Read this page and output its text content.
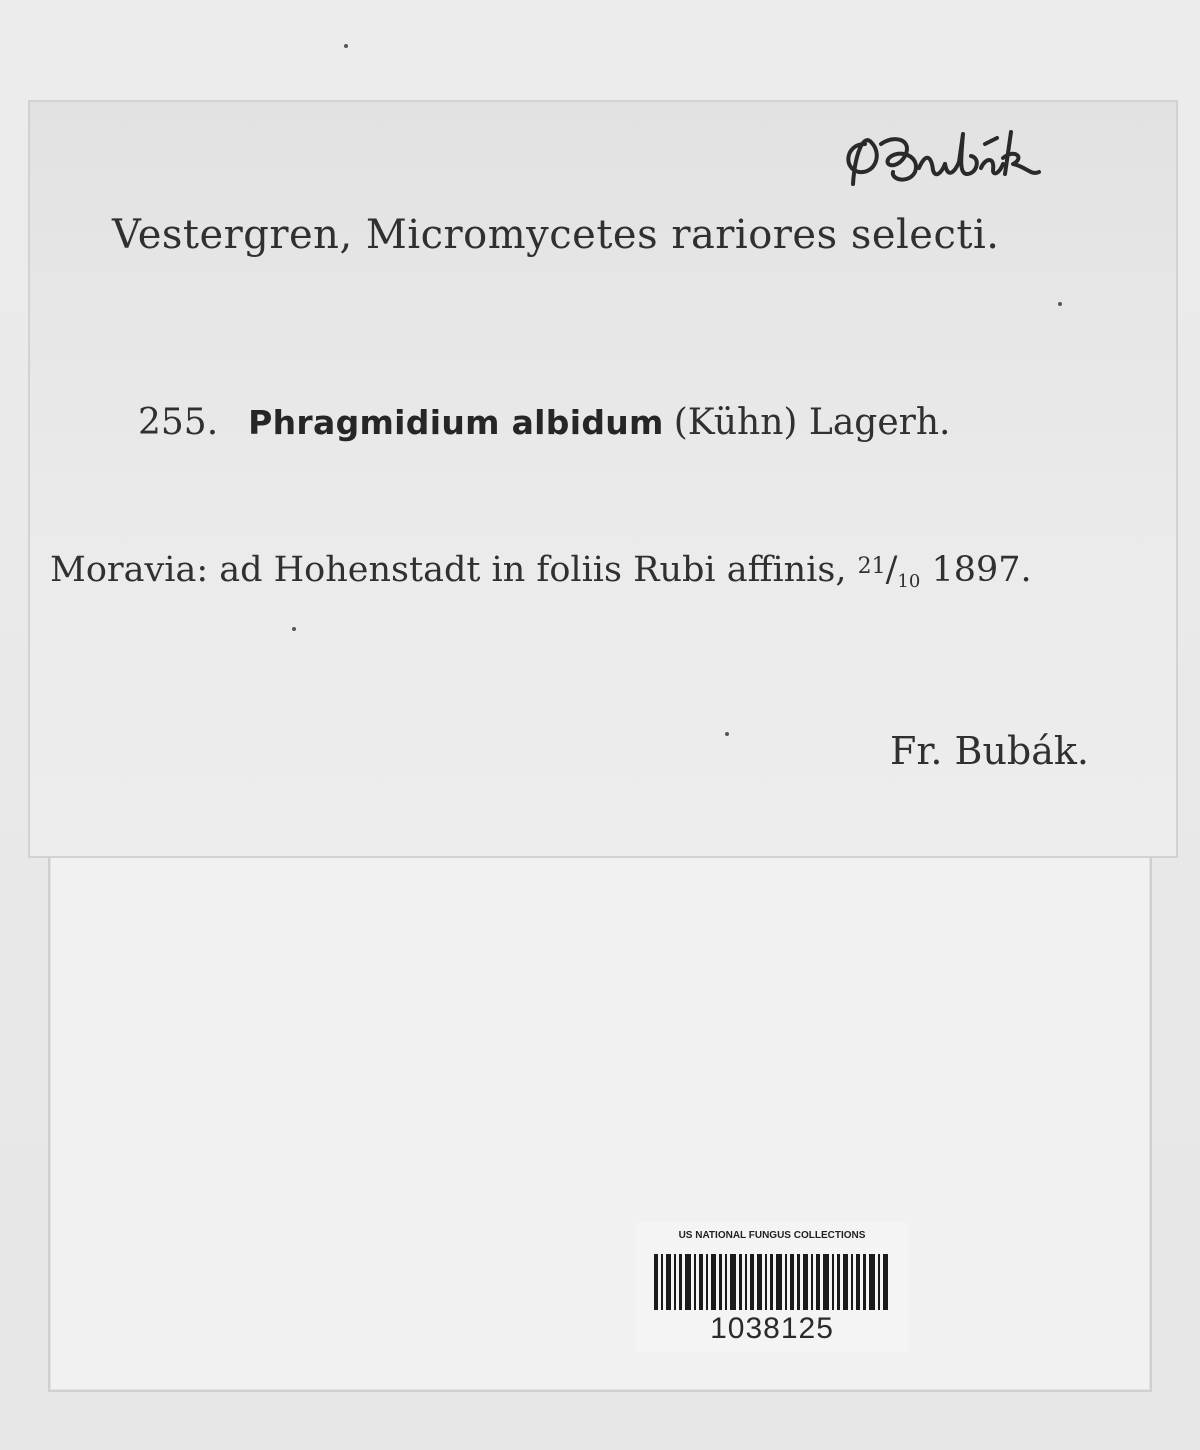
Vestergren, Micromycetes rariores selecti.
255. Phragmidium albidum (Kühn) Lagerh.
Moravia: ad Hohenstadt in foliis Rubi affinis, $^{21}$/10 1897.
Fr. Bubák.
US NATIONAL FUNGUS COLLECTIONS
1038125
